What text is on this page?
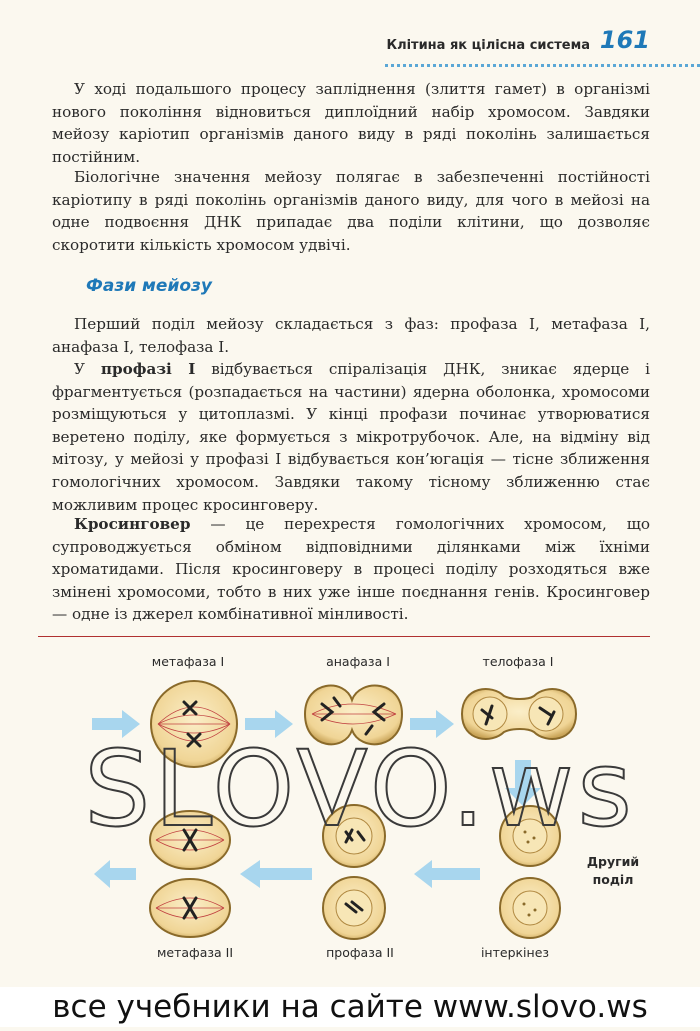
Клітина як цілісна система 161

У ході подальшого процесу запліднення (злиття гамет) в організмі нового покоління відновиться диплоїдний набір хромосом. Завдяки мейозу каріотип організмів даного виду в ряді поколінь залишається постійним.

Біологічне значення мейозу полягає в забезпеченні постійності каріотипу в ряді поколінь організмів даного виду, для чого в мейозі на одне подвоєння ДНК припадає два поділи клітини, що дозволяє скоротити кількість хромосом удвічі.

Фази мейозу

Перший поділ мейозу складається з фаз: профаза І, метафаза І, анафаза І, телофаза І.

У профазі І відбувається спіралізація ДНК, зникає ядерце і фрагментується (розпадається на частини) ядерна оболонка, хромосоми розміщуються у цитоплазмі. У кінці профази починає утворюватися веретено поділу, яке формується з мікротрубочок. Але, на відміну від мітозу, у мейозі у профазі І відбувається кон’югація — тісне зближення гомологічних хромосом. Завдяки такому тісному зближенню стає можливим процес кросинговеру.

Кросинговер — це перехрестя гомологічних хромосом, що супроводжується обміном відповідними ділянками між їхніми хроматидами. Після кросинговеру в процесі поділу розходяться вже змінені хромосоми, тобто в них уже інше поєднання генів. Кросинговер — одне із джерел комбінативної мінливості.

метафаза І	анафаза І	телофаза І
метафаза ІІ	профаза ІІ	інтеркінез
Другий
поділ
SLOVO.ws
все учебники на сайте www.slovo.ws
